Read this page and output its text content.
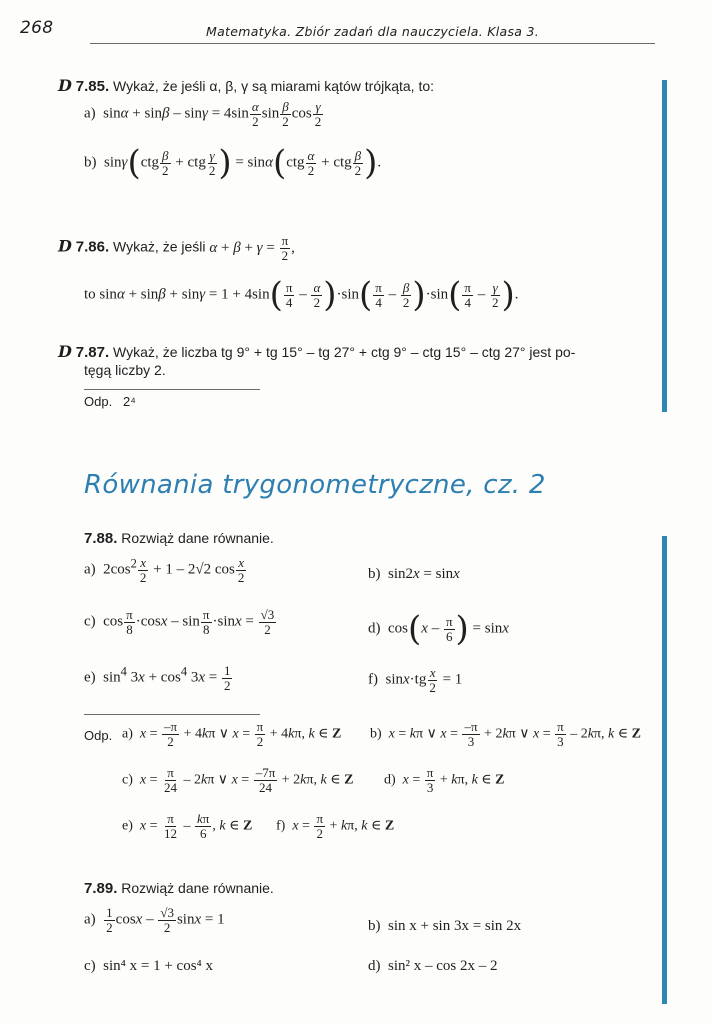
268	Matematyka. Zbiór zadań dla nauczyciela. Klasa 3.
D 7.85. Wykaż, że jeśli α, β, γ są miarami kątów trójkąta, to:
a)  $\sin\alpha + \sin\beta - \sin\gamma = 4\sin \frac{\alpha}{2}$ $\sin \frac{\beta}{2}$ $\cos \frac{\gamma}{2}$
b)  $\sin\gamma(ctg \frac{\beta}{2}$ + ctg $\frac{\gamma}{2}$ ) = $\sin\alpha(ctg \frac{\alpha}{2}$ + ctg $\frac{\beta}{2}$ ).
D 7.86. Wykaż, że jeśli $\alpha + \beta + \gamma = \frac{\pi}{2}$ ,
to $\sin\alpha + \sin\beta + \sin\gamma = 1 + 4\sin( \frac{\pi}{4} - \frac{\alpha}{2} )\cdot\sin( \frac{\pi}{4} - \frac{\beta}{2} )\cdot\sin( \frac{\pi}{4} - \frac{\gamma}{2}$ ).
D 7.87. Wykaż, że liczba tg 9° + tg 15° – tg 27° + ctg 9° – ctg 15° – ctg 27° jest po-
tęgą liczby 2.
Odp. 2⁴
Równania trygonometryczne, cz. 2
7.88. Rozwiąż dane równanie.
a)  $2\cos^2 \frac{x}{2} + 1 - 2√2$ $\cos \frac{x}{2}$	b)  sin2x = sinx
c)  $\cos \frac{\pi}{8} \cdot\cos x - \sin \frac{\pi}{8} \cdot\sin x = \frac{√3}{2}$	d)  $\cos(x - \frac{\pi}{6}$ ) = sinx
e)  $\sin^4 3x + \cos^4 3x = \frac{1}{2}$	f)  $\sin x\cdot tg \frac{x}{2} = 1$
Odp. a)  $x = \frac{-\pi}{2} + 4k\pi$ ∨ $x = \frac{\pi}{2} + 4k\pi$, k ∈ Z b)  x = kπ ∨ $x = \frac{-\pi}{3} + 2k\pi$ ∨ $x = \frac{\pi}{3} - 2k\pi$, k ∈ Z
c)  $x = \frac{\pi}{24} - 2k\pi$ ∨ $x = \frac{-7\pi}{24} + 2k\pi$, k ∈ Z d)  $x = \frac{\pi}{3} + k\pi$, k ∈ Z
e)  $x = \frac{\pi}{12} - \frac{k\pi}{6}$ , k ∈ Z f)  $x = \frac{\pi}{2} + k\pi$, k ∈ Z
7.89. Rozwiąż dane równanie.
$a) \frac{1}{2}$ cosx – $\frac{√3}{2}$ sinx = 1	b)  sin x + sin 3x = sin 2x
c)  sin⁴ x = 1 + cos⁴ x	d)  sin² x – cos 2x – 2
